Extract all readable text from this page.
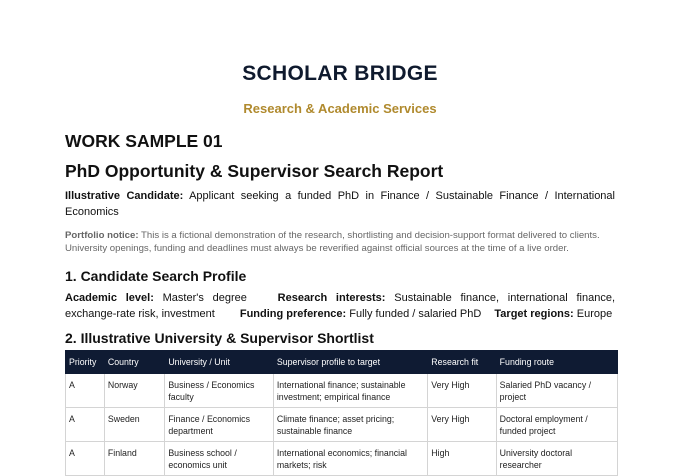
SCHOLAR BRIDGE
Research & Academic Services
WORK SAMPLE 01
PhD Opportunity & Supervisor Search Report
Illustrative Candidate: Applicant seeking a funded PhD in Finance / Sustainable Finance / International Economics
Portfolio notice: This is a fictional demonstration of the research, shortlisting and decision-support format delivered to clients. University openings, funding and deadlines must always be reverified against official sources at the time of a live order.
1. Candidate Search Profile
Academic level: Master's degree	Research interests: Sustainable finance, international finance, exchange-rate risk, investment Funding preference: Fully funded / salaried PhD Target regions: Europe
2. Illustrative University & Supervisor Shortlist
Priority	Country	University / Unit	Supervisor profile to target	Research fit	Funding route
A	Norway	Business / Economics faculty	International finance; sustainable investment; empirical finance	Very High	Salaried PhD vacancy / project
A	Sweden	Finance / Economics department	Climate finance; asset pricing; sustainable finance	Very High	Doctoral employment / funded project
A	Finland	Business school / economics unit	International economics; financial markets; risk	High	University doctoral researcher
